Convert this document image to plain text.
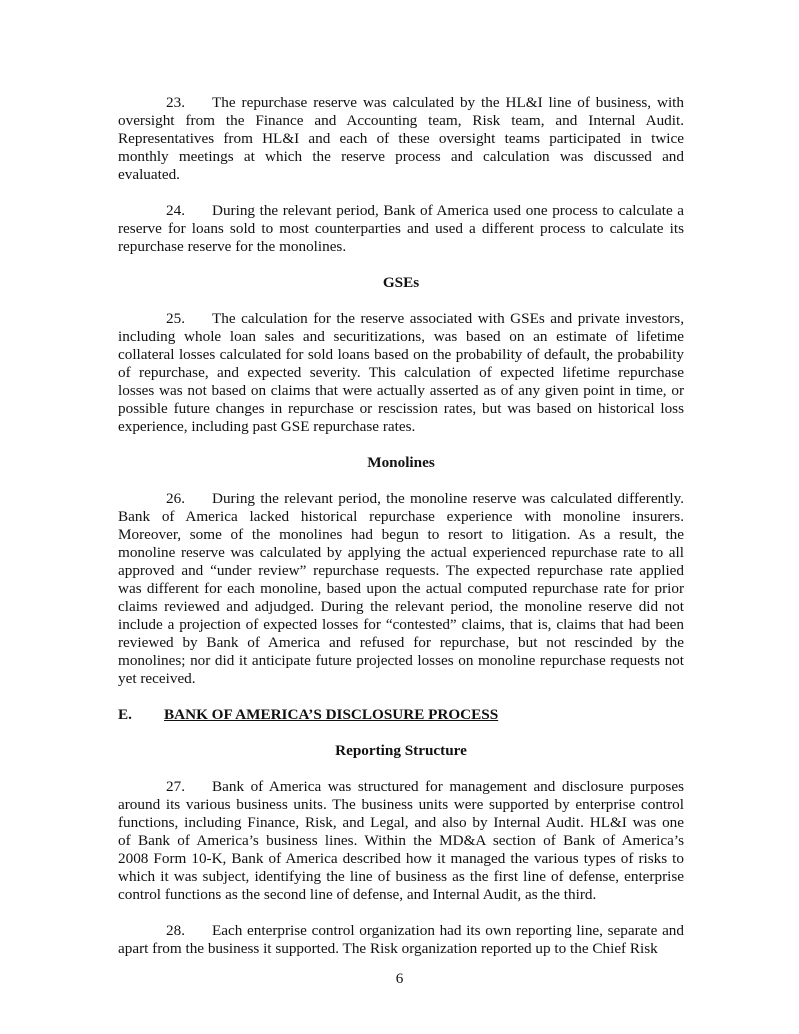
23. The repurchase reserve was calculated by the HL&I line of business, with
oversight from the Finance and Accounting team, Risk team, and Internal Audit.
Representatives from HL&I and each of these oversight teams participated in twice
monthly meetings at which the reserve process and calculation was discussed and
evaluated.
24. During the relevant period, Bank of America used one process to calculate a
reserve for loans sold to most counterparties and used a different process to calculate its
repurchase reserve for the monolines.
GSEs
25. The calculation for the reserve associated with GSEs and private investors,
including whole loan sales and securitizations, was based on an estimate of lifetime
collateral losses calculated for sold loans based on the probability of default, the probability
of repurchase, and expected severity. This calculation of expected lifetime repurchase
losses was not based on claims that were actually asserted as of any given point in time, or
possible future changes in repurchase or rescission rates, but was based on historical loss
experience, including past GSE repurchase rates.
Monolines
26. During the relevant period, the monoline reserve was calculated differently.
Bank of America lacked historical repurchase experience with monoline insurers.
Moreover, some of the monolines had begun to resort to litigation. As a result, the
monoline reserve was calculated by applying the actual experienced repurchase rate to all
approved and “under review” repurchase requests. The expected repurchase rate applied
was different for each monoline, based upon the actual computed repurchase rate for prior
claims reviewed and adjudged. During the relevant period, the monoline reserve did not
include a projection of expected losses for “contested” claims, that is, claims that had been
reviewed by Bank of America and refused for repurchase, but not rescinded by the
monolines; nor did it anticipate future projected losses on monoline repurchase requests not
yet received.
E. BANK OF AMERICA’S DISCLOSURE PROCESS
Reporting Structure
27. Bank of America was structured for management and disclosure purposes
around its various business units. The business units were supported by enterprise control
functions, including Finance, Risk, and Legal, and also by Internal Audit. HL&I was one
of Bank of America’s business lines. Within the MD&A section of Bank of America’s
2008 Form 10-K, Bank of America described how it managed the various types of risks to
which it was subject, identifying the line of business as the first line of defense, enterprise
control functions as the second line of defense, and Internal Audit, as the third.
28. Each enterprise control organization had its own reporting line, separate and
apart from the business it supported. The Risk organization reported up to the Chief Risk
6
